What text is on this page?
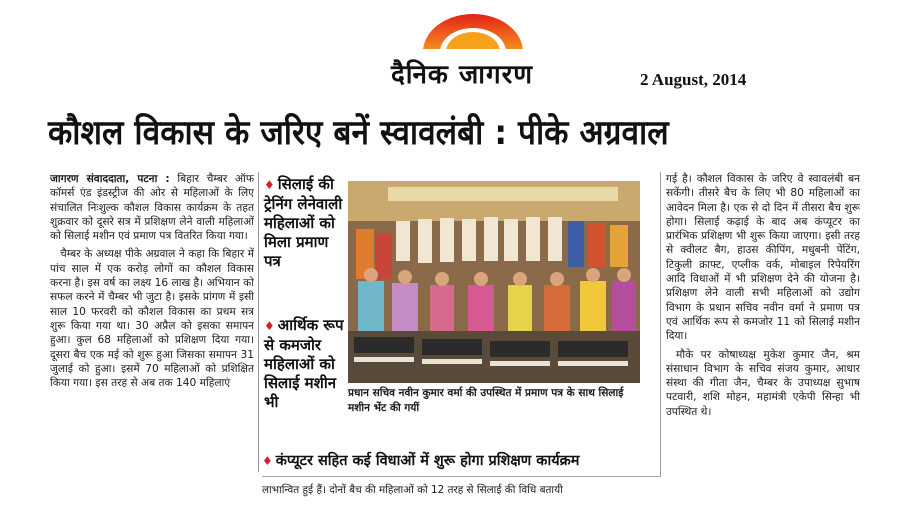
दैनिक जागरण	2 August, 2014
कौशल विकास के जरिए बनें स्वावलंबी : पीके अग्रवाल

जागरण संवाददाता, पटना : बिहार चैम्बर ऑफ कॉमर्स एंड इंडस्ट्रीज की ओर से महिलाओं के लिए संचालित निःशुल्क कौशल विकास कार्यक्रम के तहत शुक्रवार को दूसरे सत्र में प्रशिक्षण लेने वाली महिलाओं को सिलाई मशीन एवं प्रमाण पत्र वितरित किया गया।

चैम्बर के अध्यक्ष पीके अग्रवाल ने कहा कि बिहार में पांच साल में एक करोड़ लोगों का कौशल विकास करना है। इस वर्ष का लक्ष्य 16 लाख है। अभियान को सफल करने में चैम्बर भी जुटा है। इसके प्रांगण में इसी साल 10 फरवरी को कौशल विकास का प्रथम सत्र शुरू किया गया था। 30 अप्रैल को इसका समापन हुआ। कुल 68 महिलाओं को प्रशिक्षण दिया गया। दूसरा बैच एक मई को शुरू हुआ जिसका समापन 31 जुलाई को हुआ। इसमें 70 महिलाओं को प्रशिक्षित किया गया। इस तरह से अब तक 140 महिलाएं

♦ सिलाई की ट्रेनिंग लेनेवाली महिलाओं को मिला प्रमाण पत्र
♦ आर्थिक रूप से कमजोर महिलाओं को सिलाई मशीन भी	प्रधान सचिव नवीन कुमार वर्मा की उपस्थित में प्रमाण पत्र के साथ सिलाई मशीन भेंट की गयीं
♦ कंप्यूटर सहित कई विधाओं में शुरू होगा प्रशिक्षण कार्यक्रम
लाभान्वित हुई हैं। दोनों बैच की महिलाओं को 12 तरह से सिलाई की विधि बतायी

गई है। कौशल विकास के जरिए वे स्वावलंबी बन सकेंगी। तीसरे बैच के लिए भी 80 महिलाओं का आवेदन मिला है। एक से दो दिन में तीसरा बैच शुरू होगा। सिलाई कढ़ाई के बाद अब कंप्यूटर का प्रारंभिक प्रशिक्षण भी शुरू किया जाएगा। इसी तरह से क्वीलट बैग, हाउस कीपिंग, मधुबनी पेंटिंग, टिकुली क्राफ्ट, एप्लीक वर्क, मोबाइल रिपेयरिंग आदि विधाओं में भी प्रशिक्षण देने की योजना है। प्रशिक्षण लेने वाली सभी महिलाओं को उद्योग विभाग के प्रधान सचिव नवीन वर्मा ने प्रमाण पत्र एवं आर्थिक रूप से कमजोर 11 को सिलाई मशीन दिया।

मौके पर कोषाध्यक्ष मुकेश कुमार जैन, श्रम संसाधान विभाग के सचिव संजय कुमार, आधार संस्था की गीता जैन, चैम्बर के उपाध्यक्ष सुभाष पटवारी, शशि मोहन, महामंत्री एकेपी सिन्हा भी उपस्थित थे।
